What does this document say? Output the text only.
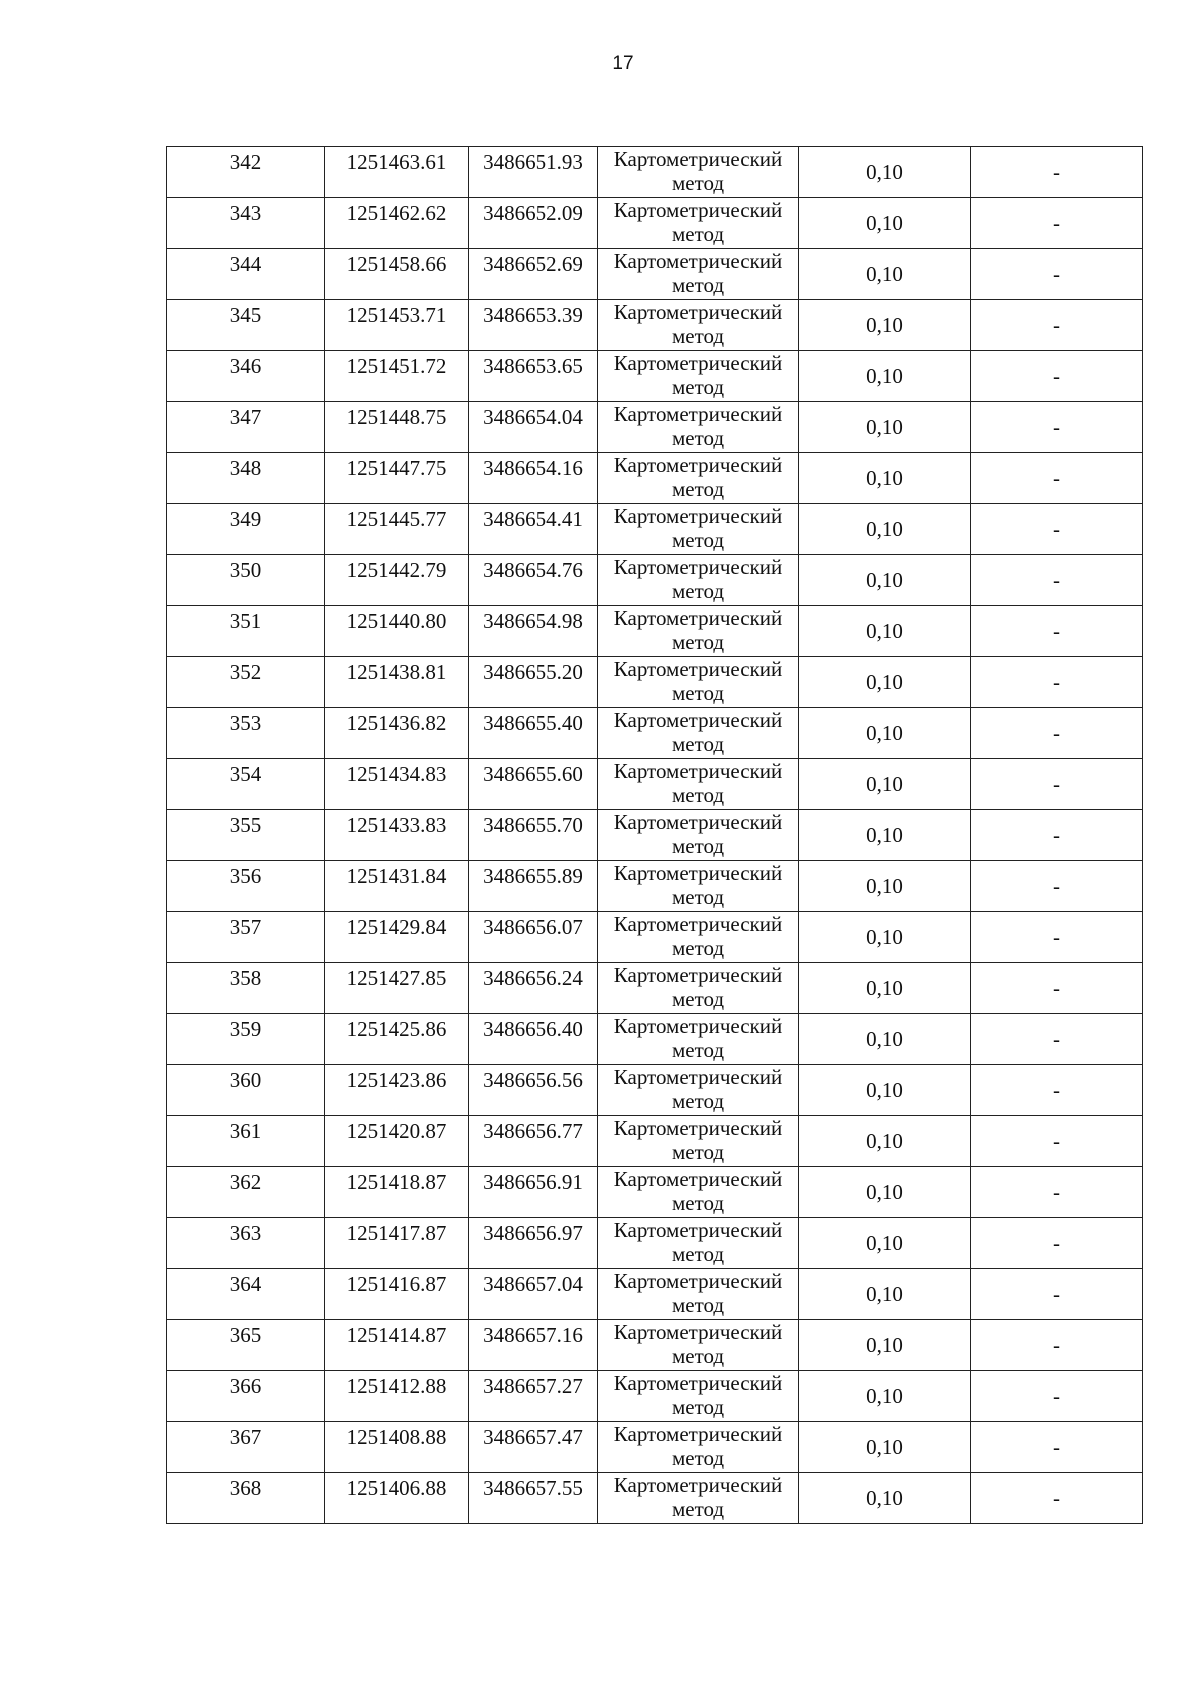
17
342	1251463.61	3486651.93	Картометрический
метод	0,10	-
343	1251462.62	3486652.09	Картометрический
метод	0,10	-
344	1251458.66	3486652.69	Картометрический
метод	0,10	-
345	1251453.71	3486653.39	Картометрический
метод	0,10	-
346	1251451.72	3486653.65	Картометрический
метод	0,10	-
347	1251448.75	3486654.04	Картометрический
метод	0,10	-
348	1251447.75	3486654.16	Картометрический
метод	0,10	-
349	1251445.77	3486654.41	Картометрический
метод	0,10	-
350	1251442.79	3486654.76	Картометрический
метод	0,10	-
351	1251440.80	3486654.98	Картометрический
метод	0,10	-
352	1251438.81	3486655.20	Картометрический
метод	0,10	-
353	1251436.82	3486655.40	Картометрический
метод	0,10	-
354	1251434.83	3486655.60	Картометрический
метод	0,10	-
355	1251433.83	3486655.70	Картометрический
метод	0,10	-
356	1251431.84	3486655.89	Картометрический
метод	0,10	-
357	1251429.84	3486656.07	Картометрический
метод	0,10	-
358	1251427.85	3486656.24	Картометрический
метод	0,10	-
359	1251425.86	3486656.40	Картометрический
метод	0,10	-
360	1251423.86	3486656.56	Картометрический
метод	0,10	-
361	1251420.87	3486656.77	Картометрический
метод	0,10	-
362	1251418.87	3486656.91	Картометрический
метод	0,10	-
363	1251417.87	3486656.97	Картометрический
метод	0,10	-
364	1251416.87	3486657.04	Картометрический
метод	0,10	-
365	1251414.87	3486657.16	Картометрический
метод	0,10	-
366	1251412.88	3486657.27	Картометрический
метод	0,10	-
367	1251408.88	3486657.47	Картометрический
метод	0,10	-
368	1251406.88	3486657.55	Картометрический
метод	0,10	-
